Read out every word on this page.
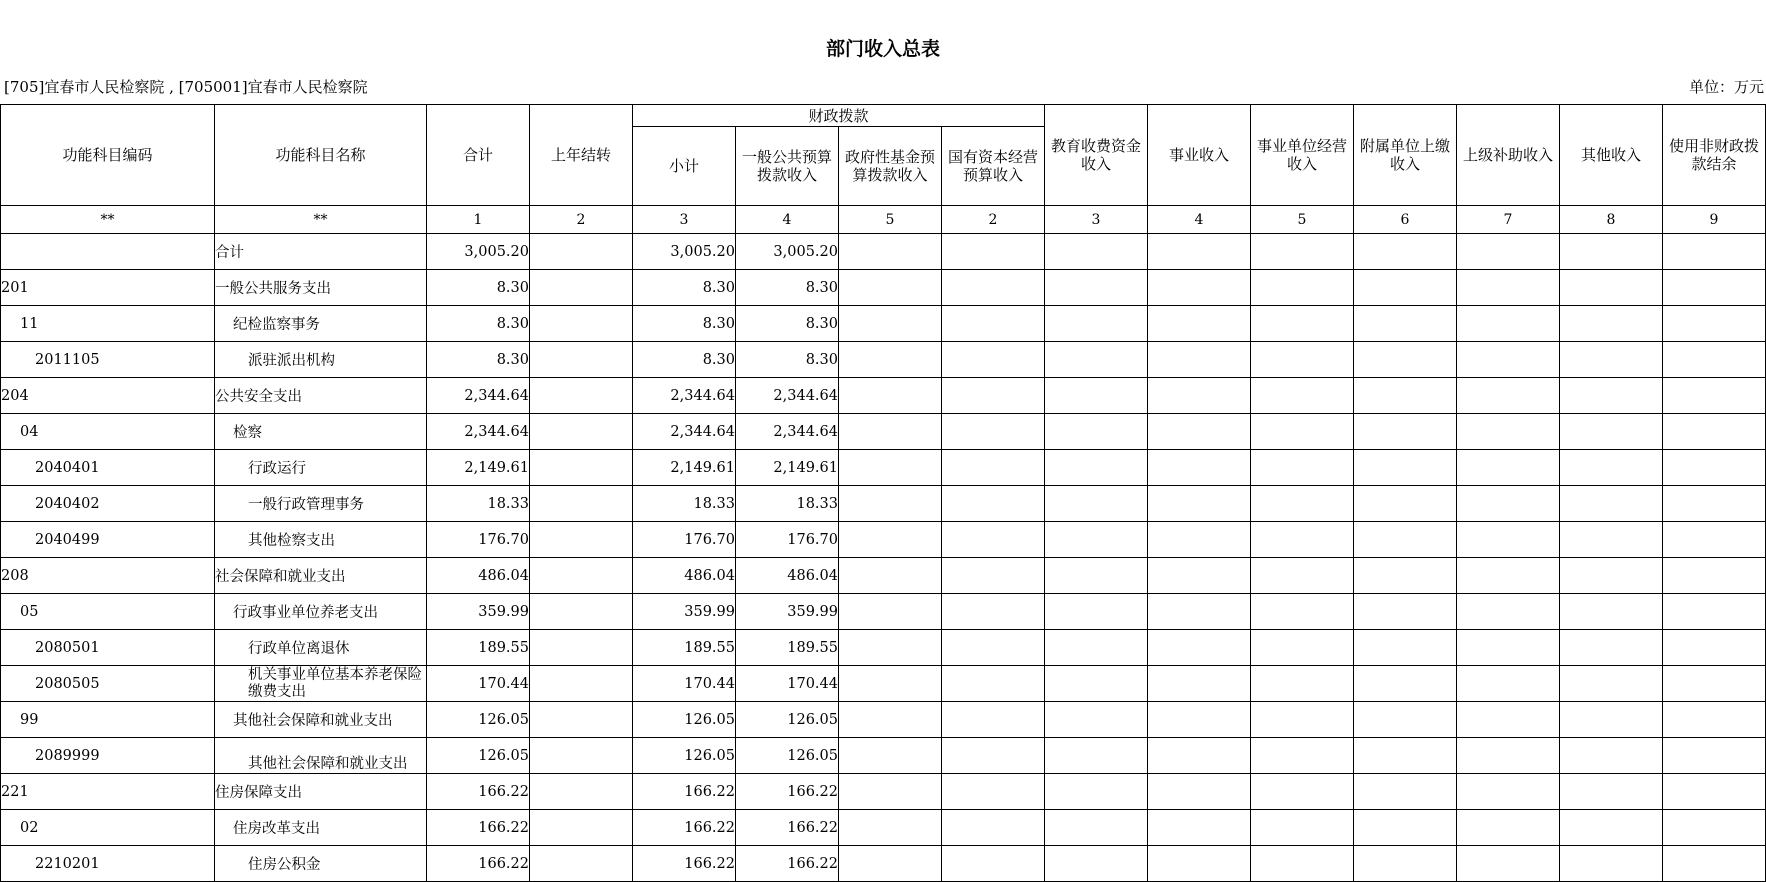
部门收入总表
[705]宜春市人民检察院 , [705001]宜春市人民检察院	单位：万元
功能科目编码	功能科目名称	合计	上年结转	财政拨款				教育收费资金收入	事业收入	事业单位经营收入	附属单位上缴收入	上级补助收入	其他收入	使用非财政拨款结余
				小计	一般公共预算拨款收入	政府性基金预算拨款收入	国有资本经营预算收入							
**	**	1	2	3	4	5	2	3	4	5	6	7	8	9
	合计	3,005.20		3,005.20	3,005.20									
201	一般公共服务支出	8.30		8.30	8.30									
11	纪检监察事务	8.30		8.30	8.30									
2011105	派驻派出机构	8.30		8.30	8.30									
204	公共安全支出	2,344.64		2,344.64	2,344.64									
04	检察	2,344.64		2,344.64	2,344.64									
2040401	行政运行	2,149.61		2,149.61	2,149.61									
2040402	一般行政管理事务	18.33		18.33	18.33									
2040499	其他检察支出	176.70		176.70	176.70									
208	社会保障和就业支出	486.04		486.04	486.04									
05	行政事业单位养老支出	359.99		359.99	359.99									
2080501	行政单位离退休	189.55		189.55	189.55									
2080505	机关事业单位基本养老保险缴费支出	170.44		170.44	170.44									
99	其他社会保障和就业支出	126.05		126.05	126.05									
2089999	其他社会保障和就业支出	126.05		126.05	126.05									
221	住房保障支出	166.22		166.22	166.22									
02	住房改革支出	166.22		166.22	166.22									
2210201	住房公积金	166.22		166.22	166.22									
